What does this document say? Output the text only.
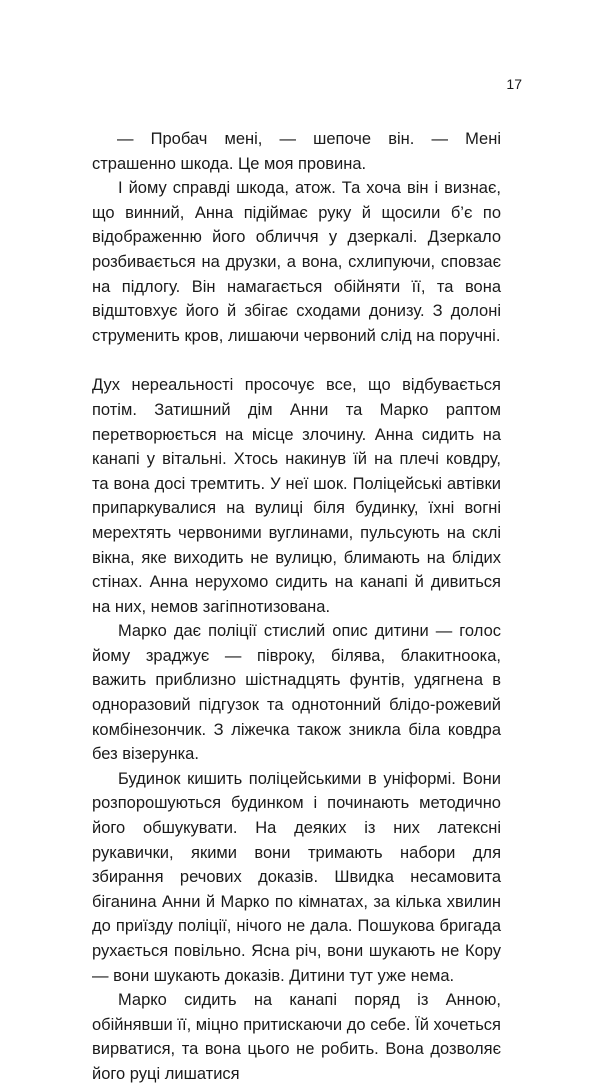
17

— Пробач мені, — шепоче він. — Мені страшенно шкода. Це моя провина.

І йому справді шкода, атож. Та хоча він і визнає, що винний, Анна підіймає руку й щосили б’є по відображенню його обличчя у дзеркалі. Дзеркало розбивається на друзки, а вона, схлипуючи, сповзає на підлогу. Він намагається обійняти її, та вона відштовхує його й збігає сходами донизу. З долоні струменить кров, лишаючи червоний слід на поручні.

Дух нереальності просочує все, що відбувається потім. Затишний дім Анни та Марко раптом перетворюється на місце злочину. Анна сидить на канапі у вітальні. Хтось накинув їй на плечі ковдру, та вона досі тремтить. У неї шок. Поліцейські автівки припаркувалися на вулиці біля будинку, їхні вогні мерехтять червоними вуглинами, пульсують на склі вікна, яке виходить не вулицю, блимають на блідих стінах. Анна нерухомо сидить на канапі й дивиться на них, немов загіпнотизована.

Марко дає поліції стислий опис дитини — голос йому зраджує — півроку, білява, блакитноока, важить приблизно шістнадцять фунтів, удягнена в одноразовий підгузок та однотонний блідо-рожевий комбінезончик. З ліжечка також зникла біла ковдра без візерунка.

Будинок кишить поліцейськими в уніформі. Вони розпорошуються будинком і починають методично його обшукувати. На деяких із них латексні рукавички, якими вони тримають набори для збирання речових доказів. Швидка несамовита біганина Анни й Марко по кімнатах, за кілька хвилин до приїзду поліції, нічого не дала. Пошукова бригада рухається повільно. Ясна річ, вони шукають не Кору — вони шукають доказів. Дитини тут уже нема.

Марко сидить на канапі поряд із Анною, обійнявши її, міцно притискаючи до себе. Їй хочеться вирватися, та вона цього не робить. Вона дозволяє його руці лишатися
